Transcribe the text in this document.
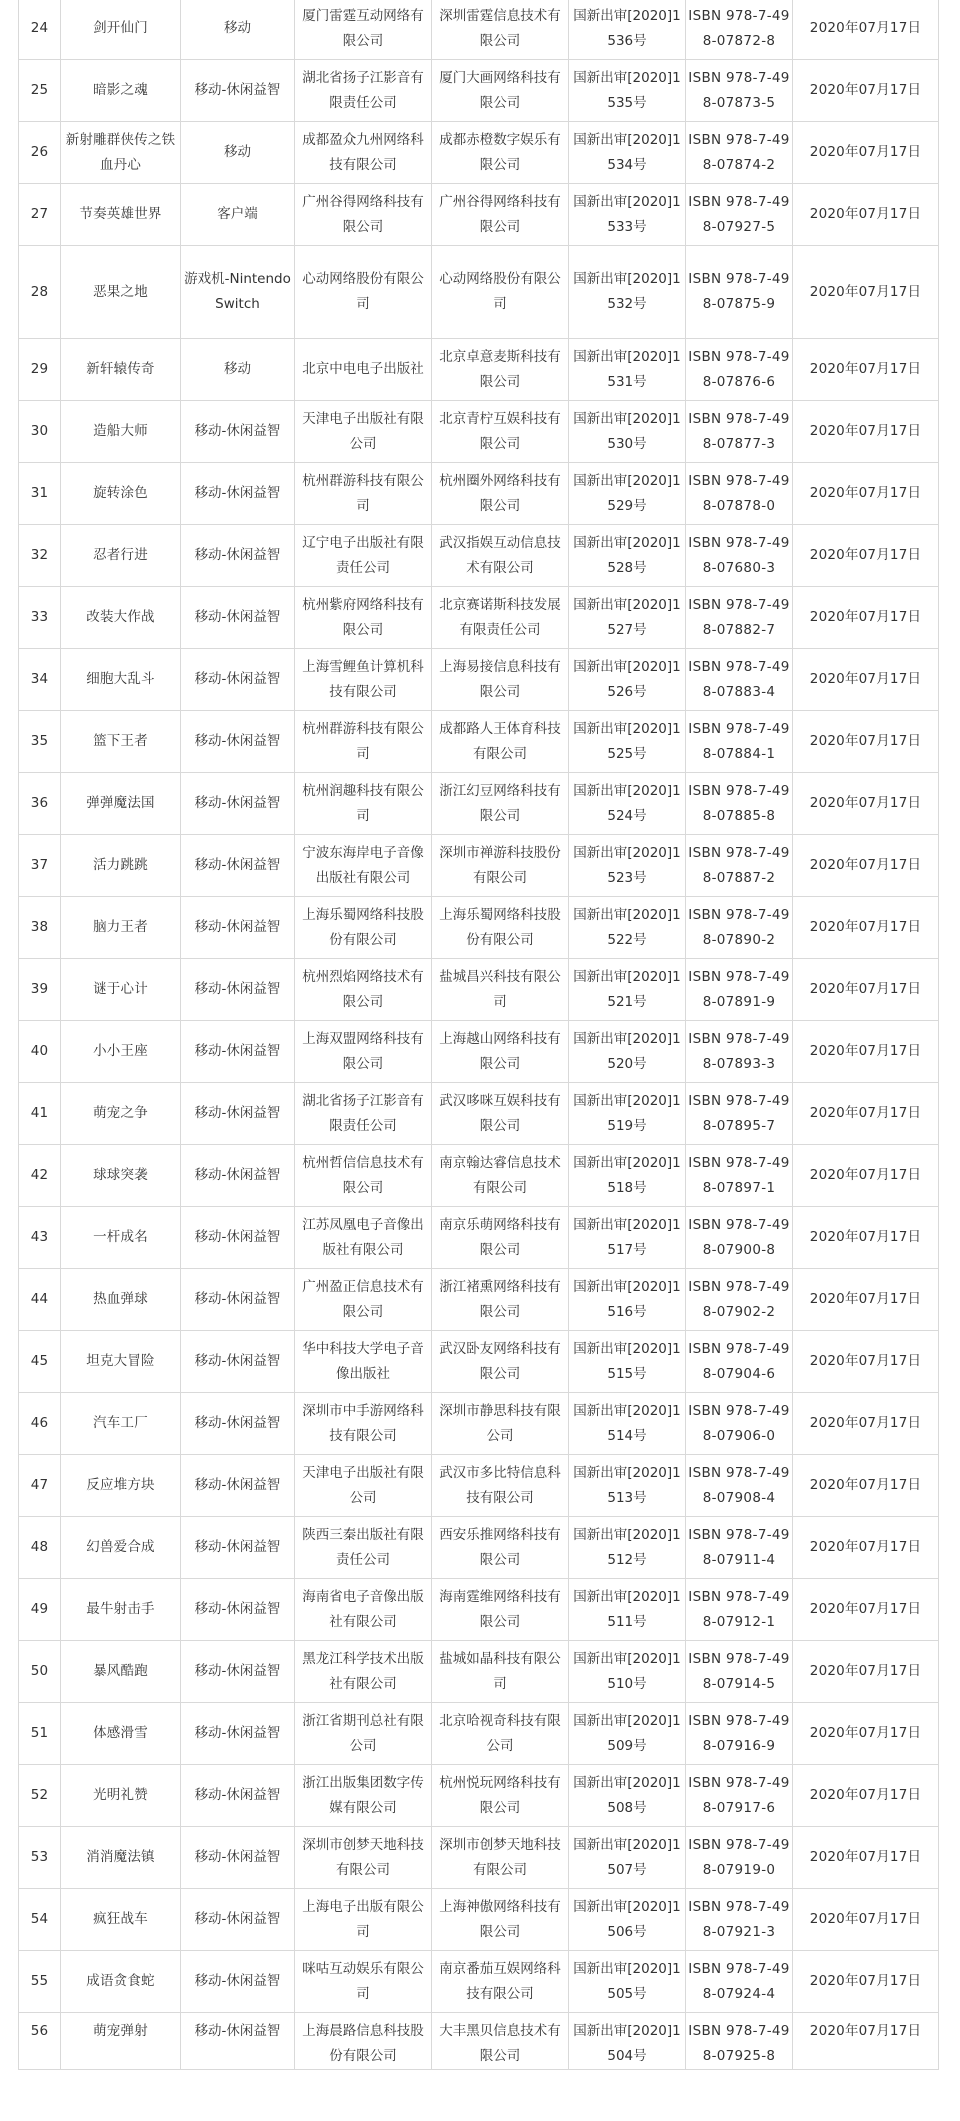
24	剑开仙门	移动	厦门雷霆互动网络有限公司	深圳雷霆信息技术有限公司	国新出审[2020]1536号	ISBN 978-7-498-07872-8	2020年07月17日
25	暗影之魂	移动-休闲益智	湖北省扬子江影音有限责任公司	厦门大画网络科技有限公司	国新出审[2020]1535号	ISBN 978-7-498-07873-5	2020年07月17日
26	新射雕群侠传之铁血丹心	移动	成都盈众九州网络科技有限公司	成都赤橙数字娱乐有限公司	国新出审[2020]1534号	ISBN 978-7-498-07874-2	2020年07月17日
27	节奏英雄世界	客户端	广州谷得网络科技有限公司	广州谷得网络科技有限公司	国新出审[2020]1533号	ISBN 978-7-498-07927-5	2020年07月17日
28	恶果之地	游戏机-Nintendo Switch	心动网络股份有限公司	心动网络股份有限公司	国新出审[2020]1532号	ISBN 978-7-498-07875-9	2020年07月17日
29	新轩辕传奇	移动	北京中电电子出版社	北京卓意麦斯科技有限公司	国新出审[2020]1531号	ISBN 978-7-498-07876-6	2020年07月17日
30	造船大师	移动-休闲益智	天津电子出版社有限公司	北京青柠互娱科技有限公司	国新出审[2020]1530号	ISBN 978-7-498-07877-3	2020年07月17日
31	旋转涂色	移动-休闲益智	杭州群游科技有限公司	杭州圈外网络科技有限公司	国新出审[2020]1529号	ISBN 978-7-498-07878-0	2020年07月17日
32	忍者行进	移动-休闲益智	辽宁电子出版社有限责任公司	武汉指娱互动信息技术有限公司	国新出审[2020]1528号	ISBN 978-7-498-07680-3	2020年07月17日
33	改装大作战	移动-休闲益智	杭州紫府网络科技有限公司	北京赛诺斯科技发展有限责任公司	国新出审[2020]1527号	ISBN 978-7-498-07882-7	2020年07月17日
34	细胞大乱斗	移动-休闲益智	上海雪鲤鱼计算机科技有限公司	上海易接信息科技有限公司	国新出审[2020]1526号	ISBN 978-7-498-07883-4	2020年07月17日
35	篮下王者	移动-休闲益智	杭州群游科技有限公司	成都路人王体育科技有限公司	国新出审[2020]1525号	ISBN 978-7-498-07884-1	2020年07月17日
36	弹弹魔法国	移动-休闲益智	杭州润趣科技有限公司	浙江幻豆网络科技有限公司	国新出审[2020]1524号	ISBN 978-7-498-07885-8	2020年07月17日
37	活力跳跳	移动-休闲益智	宁波东海岸电子音像出版社有限公司	深圳市禅游科技股份有限公司	国新出审[2020]1523号	ISBN 978-7-498-07887-2	2020年07月17日
38	脑力王者	移动-休闲益智	上海乐蜀网络科技股份有限公司	上海乐蜀网络科技股份有限公司	国新出审[2020]1522号	ISBN 978-7-498-07890-2	2020年07月17日
39	谜于心计	移动-休闲益智	杭州烈焰网络技术有限公司	盐城昌兴科技有限公司	国新出审[2020]1521号	ISBN 978-7-498-07891-9	2020年07月17日
40	小小王座	移动-休闲益智	上海双盟网络科技有限公司	上海越山网络科技有限公司	国新出审[2020]1520号	ISBN 978-7-498-07893-3	2020年07月17日
41	萌宠之争	移动-休闲益智	湖北省扬子江影音有限责任公司	武汉哆咪互娱科技有限公司	国新出审[2020]1519号	ISBN 978-7-498-07895-7	2020年07月17日
42	球球突袭	移动-休闲益智	杭州哲信信息技术有限公司	南京翰达睿信息技术有限公司	国新出审[2020]1518号	ISBN 978-7-498-07897-1	2020年07月17日
43	一杆成名	移动-休闲益智	江苏凤凰电子音像出版社有限公司	南京乐萌网络科技有限公司	国新出审[2020]1517号	ISBN 978-7-498-07900-8	2020年07月17日
44	热血弹球	移动-休闲益智	广州盈正信息技术有限公司	浙江褚熏网络科技有限公司	国新出审[2020]1516号	ISBN 978-7-498-07902-2	2020年07月17日
45	坦克大冒险	移动-休闲益智	华中科技大学电子音像出版社	武汉卧友网络科技有限公司	国新出审[2020]1515号	ISBN 978-7-498-07904-6	2020年07月17日
46	汽车工厂	移动-休闲益智	深圳市中手游网络科技有限公司	深圳市静思科技有限公司	国新出审[2020]1514号	ISBN 978-7-498-07906-0	2020年07月17日
47	反应堆方块	移动-休闲益智	天津电子出版社有限公司	武汉市多比特信息科技有限公司	国新出审[2020]1513号	ISBN 978-7-498-07908-4	2020年07月17日
48	幻兽爱合成	移动-休闲益智	陕西三秦出版社有限责任公司	西安乐推网络科技有限公司	国新出审[2020]1512号	ISBN 978-7-498-07911-4	2020年07月17日
49	最牛射击手	移动-休闲益智	海南省电子音像出版社有限公司	海南霆维网络科技有限公司	国新出审[2020]1511号	ISBN 978-7-498-07912-1	2020年07月17日
50	暴风酷跑	移动-休闲益智	黑龙江科学技术出版社有限公司	盐城如晶科技有限公司	国新出审[2020]1510号	ISBN 978-7-498-07914-5	2020年07月17日
51	体感滑雪	移动-休闲益智	浙江省期刊总社有限公司	北京哈视奇科技有限公司	国新出审[2020]1509号	ISBN 978-7-498-07916-9	2020年07月17日
52	光明礼赞	移动-休闲益智	浙江出版集团数字传媒有限公司	杭州悦玩网络科技有限公司	国新出审[2020]1508号	ISBN 978-7-498-07917-6	2020年07月17日
53	消消魔法镇	移动-休闲益智	深圳市创梦天地科技有限公司	深圳市创梦天地科技有限公司	国新出审[2020]1507号	ISBN 978-7-498-07919-0	2020年07月17日
54	疯狂战车	移动-休闲益智	上海电子出版有限公司	上海神傲网络科技有限公司	国新出审[2020]1506号	ISBN 978-7-498-07921-3	2020年07月17日
55	成语贪食蛇	移动-休闲益智	咪咕互动娱乐有限公司	南京番茄互娱网络科技有限公司	国新出审[2020]1505号	ISBN 978-7-498-07924-4	2020年07月17日
56	萌宠弹射	移动-休闲益智	上海晨路信息科技股份有限公司	大丰黑贝信息技术有限公司	国新出审[2020]1504号	ISBN 978-7-498-07925-8	2020年07月17日
